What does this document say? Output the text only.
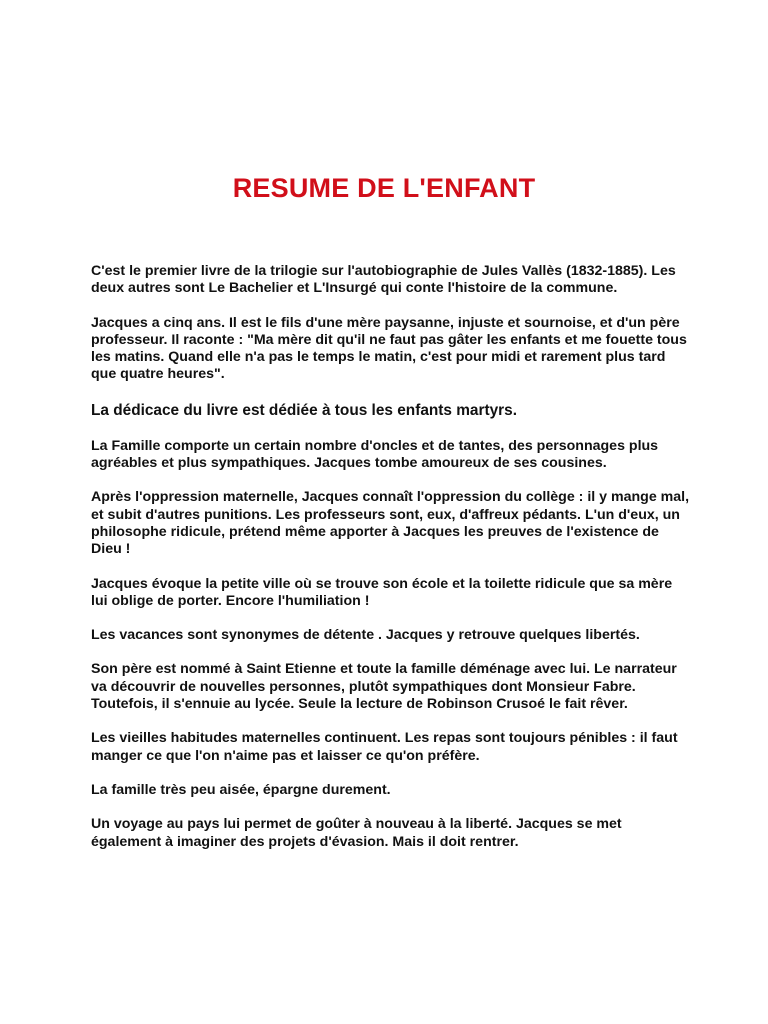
RESUME DE L'ENFANT

C'est le premier livre de la trilogie sur l'autobiographie de Jules Vallès (1832-1885). Les deux autres sont Le Bachelier et L'Insurgé qui conte l'histoire de la commune.

Jacques a cinq ans. Il est le fils d'une mère paysanne, injuste et sournoise, et d'un père professeur. Il raconte : "Ma mère dit qu'il ne faut pas gâter les enfants et me fouette tous les matins. Quand elle n'a pas le temps le matin, c'est pour midi et rarement plus tard que quatre heures".

La dédicace du livre est dédiée à tous les enfants martyrs.

La Famille comporte un certain nombre d'oncles et de tantes, des personnages plus agréables et plus sympathiques. Jacques tombe amoureux de ses cousines.

Après l'oppression maternelle, Jacques connaît l'oppression du collège : il y mange mal, et subit d'autres punitions. Les professeurs sont, eux, d'affreux pédants. L'un d'eux, un philosophe ridicule, prétend même apporter à Jacques les preuves de l'existence de Dieu !

Jacques évoque la petite ville où se trouve son école et la toilette ridicule que sa mère lui oblige de porter. Encore l'humiliation !

Les vacances sont synonymes de détente . Jacques y retrouve quelques libertés.

Son père est nommé à Saint Etienne et toute la famille déménage avec lui. Le narrateur va découvrir de nouvelles personnes, plutôt sympathiques dont Monsieur Fabre. Toutefois, il s'ennuie au lycée. Seule la lecture de Robinson Crusoé le fait rêver.

Les vieilles habitudes maternelles continuent. Les repas sont toujours pénibles : il faut manger ce que l'on n'aime pas et laisser ce qu'on préfère.

La famille très peu aisée, épargne durement.

Un voyage au pays lui permet de goûter à nouveau à la liberté. Jacques se met également à imaginer des projets d'évasion. Mais il doit rentrer.
